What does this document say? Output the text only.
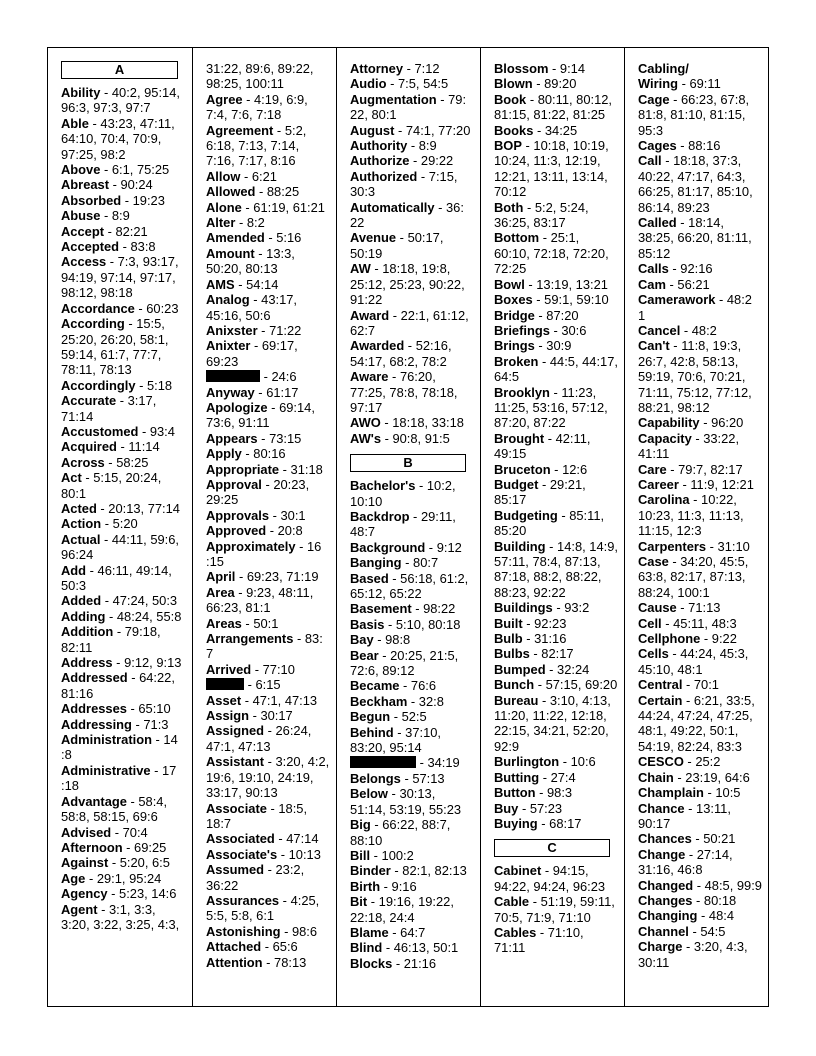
A
Ability - 40:2, 95:14, 96:3, 97:3, 97:7
Able - 43:23, 47:11, 64:10, 70:4, 70:9, 97:25, 98:2
Above - 6:1, 75:25
Abreast - 90:24
Absorbed - 19:23
Abuse - 8:9
Accept - 82:21
Accepted - 83:8
Access - 7:3, 93:17, 94:19, 97:14, 97:17, 98:12, 98:18
Accordance - 60:23
According - 15:5, 25:20, 26:20, 58:1, 59:14, 61:7, 77:7, 78:11, 78:13
Accordingly - 5:18
Accurate - 3:17, 71:14
Accustomed - 93:4
Acquired - 11:14
Across - 58:25
Act - 5:15, 20:24, 80:1
Acted - 20:13, 77:14
Action - 5:20
Actual - 44:11, 59:6, 96:24
Add - 46:11, 49:14, 50:3
Added - 47:24, 50:3
Adding - 48:24, 55:8
Addition - 79:18, 82:11
Address - 9:12, 9:13
Addressed - 64:22, 81:16
Addresses - 65:10
Addressing - 71:3
Administration - 14 :8
Administrative - 17 :18
Advantage - 58:4, 58:8, 58:15, 69:6
Advised - 70:4
Afternoon - 69:25
Against - 5:20, 6:5
Age - 29:1, 95:24
Agency - 5:23, 14:6
Agent - 3:1, 3:3, 3:20, 3:22, 3:25, 4:3,
31:22, 89:6, 89:22, 98:25, 100:11
Agree - 4:19, 6:9, 7:4, 7:6, 7:18
Agreement - 5:2, 6:18, 7:13, 7:14, 7:16, 7:17, 8:16
Allow - 6:21
Allowed - 88:25
Alone - 61:19, 61:21
Alter - 8:2
Amended - 5:16
Amount - 13:3, 50:20, 80:13
AMS - 54:14
Analog - 43:17, 45:16, 50:6
Anixster - 71:22
Anixter - 69:17, 69:23
- 24:6
Anyway - 61:17
Apologize - 69:14, 73:6, 91:11
Appears - 73:15
Apply - 80:16
Appropriate - 31:18
Approval - 20:23, 29:25
Approvals - 30:1
Approved - 20:8
Approximately - 16 :15
April - 69:23, 71:19
Area - 9:23, 48:11, 66:23, 81:1
Areas - 50:1
Arrangements - 83: 7
Arrived - 77:10
- 6:15
Asset - 47:1, 47:13
Assign - 30:17
Assigned - 26:24, 47:1, 47:13
Assistant - 3:20, 4:2, 19:6, 19:10, 24:19, 33:17, 90:13
Associate - 18:5, 18:7
Associated - 47:14
Associate's - 10:13
Assumed - 23:2, 36:22
Assurances - 4:25, 5:5, 5:8, 6:1
Astonishing - 98:6
Attached - 65:6
Attention - 78:13
Attorney - 7:12
Audio - 7:5, 54:5
Augmentation - 79: 22, 80:1
August - 74:1, 77:20
Authority - 8:9
Authorize - 29:22
Authorized - 7:15, 30:3
Automatically - 36: 22
Avenue - 50:17, 50:19
AW - 18:18, 19:8, 25:12, 25:23, 90:22, 91:22
Award - 22:1, 61:12, 62:7
Awarded - 52:16, 54:17, 68:2, 78:2
Aware - 76:20, 77:25, 78:8, 78:18, 97:17
AWO - 18:18, 33:18
AW's - 90:8, 91:5
B
Bachelor's - 10:2, 10:10
Backdrop - 29:11, 48:7
Background - 9:12
Banging - 80:7
Based - 56:18, 61:2, 65:12, 65:22
Basement - 98:22
Basis - 5:10, 80:18
Bay - 98:8
Bear - 20:25, 21:5, 72:6, 89:12
Became - 76:6
Beckham - 32:8
Begun - 52:5
Behind - 37:10, 83:20, 95:14
- 34:19
Belongs - 57:13
Below - 30:13, 51:14, 53:19, 55:23
Big - 66:22, 88:7, 88:10
Bill - 100:2
Binder - 82:1, 82:13
Birth - 9:16
Bit - 19:16, 19:22, 22:18, 24:4
Blame - 64:7
Blind - 46:13, 50:1
Blocks - 21:16
Blossom - 9:14
Blown - 89:20
Book - 80:11, 80:12, 81:15, 81:22, 81:25
Books - 34:25
BOP - 10:18, 10:19, 10:24, 11:3, 12:19, 12:21, 13:11, 13:14, 70:12
Both - 5:2, 5:24, 36:25, 83:17
Bottom - 25:1, 60:10, 72:18, 72:20, 72:25
Bowl - 13:19, 13:21
Boxes - 59:1, 59:10
Bridge - 87:20
Briefings - 30:6
Brings - 30:9
Broken - 44:5, 44:17, 64:5
Brooklyn - 11:23, 11:25, 53:16, 57:12, 87:20, 87:22
Brought - 42:11, 49:15
Bruceton - 12:6
Budget - 29:21, 85:17
Budgeting - 85:11, 85:20
Building - 14:8, 14:9, 57:11, 78:4, 87:13, 87:18, 88:2, 88:22, 88:23, 92:22
Buildings - 93:2
Built - 92:23
Bulb - 31:16
Bulbs - 82:17
Bumped - 32:24
Bunch - 57:15, 69:20
Bureau - 3:10, 4:13, 11:20, 11:22, 12:18, 22:15, 34:21, 52:20, 92:9
Burlington - 10:6
Butting - 27:4
Button - 98:3
Buy - 57:23
Buying - 68:17
C
Cabinet - 94:15, 94:22, 94:24, 96:23
Cable - 51:19, 59:11, 70:5, 71:9, 71:10
Cables - 71:10, 71:11
Cabling/
Wiring - 69:11
Cage - 66:23, 67:8, 81:8, 81:10, 81:15, 95:3
Cages - 88:16
Call - 18:18, 37:3, 40:22, 47:17, 64:3, 66:25, 81:17, 85:10, 86:14, 89:23
Called - 18:14, 38:25, 66:20, 81:11, 85:12
Calls - 92:16
Cam - 56:21
Camerawork - 48:2 1
Cancel - 48:2
Can't - 11:8, 19:3, 26:7, 42:8, 58:13, 59:19, 70:6, 70:21, 71:11, 75:12, 77:12, 88:21, 98:12
Capability - 96:20
Capacity - 33:22, 41:11
Care - 79:7, 82:17
Career - 11:9, 12:21
Carolina - 10:22, 10:23, 11:3, 11:13, 11:15, 12:3
Carpenters - 31:10
Case - 34:20, 45:5, 63:8, 82:17, 87:13, 88:24, 100:1
Cause - 71:13
Cell - 45:11, 48:3
Cellphone - 9:22
Cells - 44:24, 45:3, 45:10, 48:1
Central - 70:1
Certain - 6:21, 33:5, 44:24, 47:24, 47:25, 48:1, 49:22, 50:1, 54:19, 82:24, 83:3
CESCO - 25:2
Chain - 23:19, 64:6
Champlain - 10:5
Chance - 13:11, 90:17
Chances - 50:21
Change - 27:14, 31:16, 46:8
Changed - 48:5, 99:9
Changes - 80:18
Changing - 48:4
Channel - 54:5
Charge - 3:20, 4:3, 30:11
